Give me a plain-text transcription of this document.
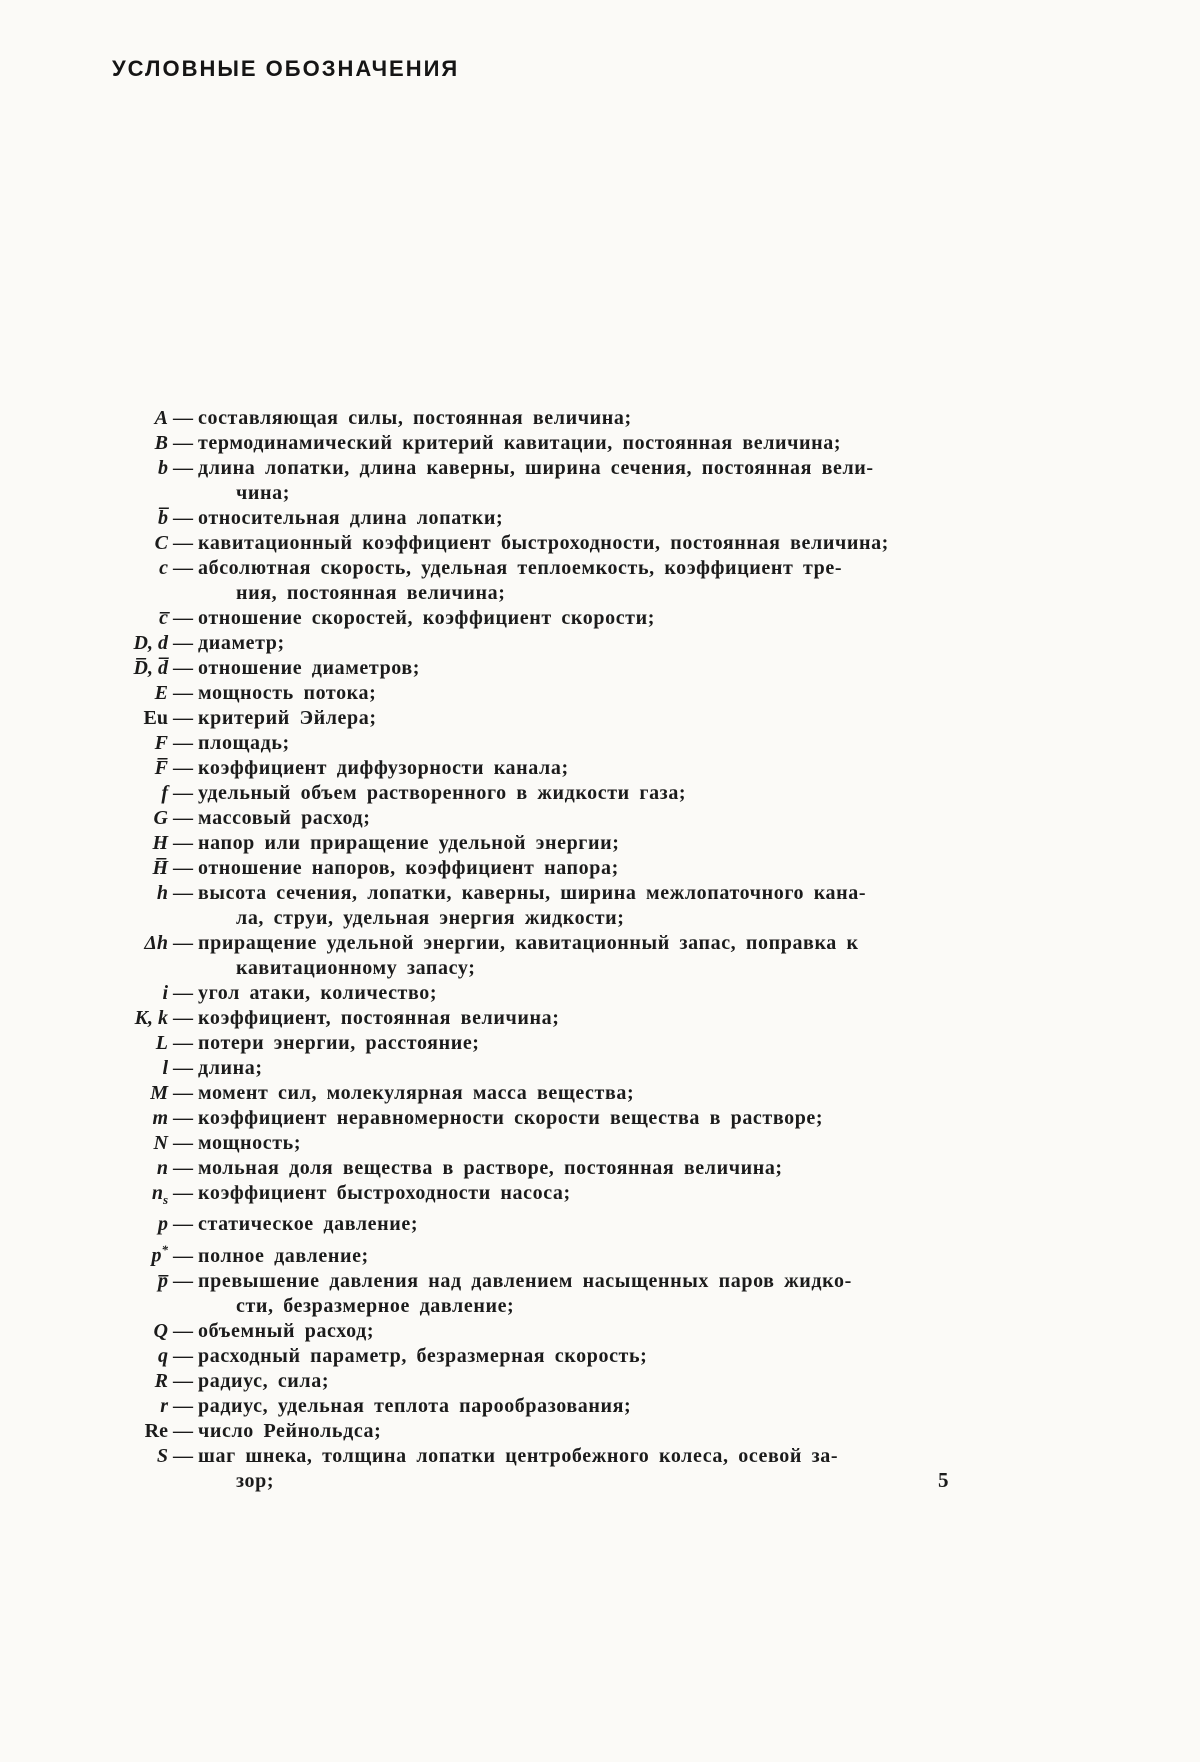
УСЛОВНЫЕ ОБОЗНАЧЕНИЯ
A — составляющая силы, постоянная величина;
B — термодинамический критерий кавитации, постоянная величина;
b — длина лопатки, длина каверны, ширина сечения, постоянная вели-
чина;
b̅ — относительная длина лопатки;
C — кавитационный коэффициент быстроходности, постоянная величина;
c — абсолютная скорость, удельная теплоемкость, коэффициент тре-
ния, постоянная величина;
c̅ — отношение скоростей, коэффициент скорости;
D, d — диаметр;
D̅, d̅ — отношение диаметров;
E — мощность потока;
Eu — критерий Эйлера;
F — площадь;
F̅ — коэффициент диффузорности канала;
f — удельный объем растворенного в жидкости газа;
G — массовый расход;
H — напор или приращение удельной энергии;
H̅ — отношение напоров, коэффициент напора;
h — высота сечения, лопатки, каверны, ширина межлопаточного кана-
ла, струи, удельная энергия жидкости;
Δh — приращение удельной энергии, кавитационный запас, поправка к
кавитационному запасу;
i — угол атаки, количество;
K, k — коэффициент, постоянная величина;
L — потери энергии, расстояние;
l — длина;
M — момент сил, молекулярная масса вещества;
m — коэффициент неравномерности скорости вещества в растворе;
N — мощность;
n — мольная доля вещества в растворе, постоянная величина;
$n_s$ — коэффициент быстроходности насоса;
p — статическое давление;
p* — полное давление;
p̅ — превышение давления над давлением насыщенных паров жидко-
сти, безразмерное давление;
Q — объемный расход;
q — расходный параметр, безразмерная скорость;
R — радиус, сила;
r — радиус, удельная теплота парообразования;
Re — число Рейнольдса;
S — шаг шнека, толщина лопатки центробежного колеса, осевой за-
зор;	5
